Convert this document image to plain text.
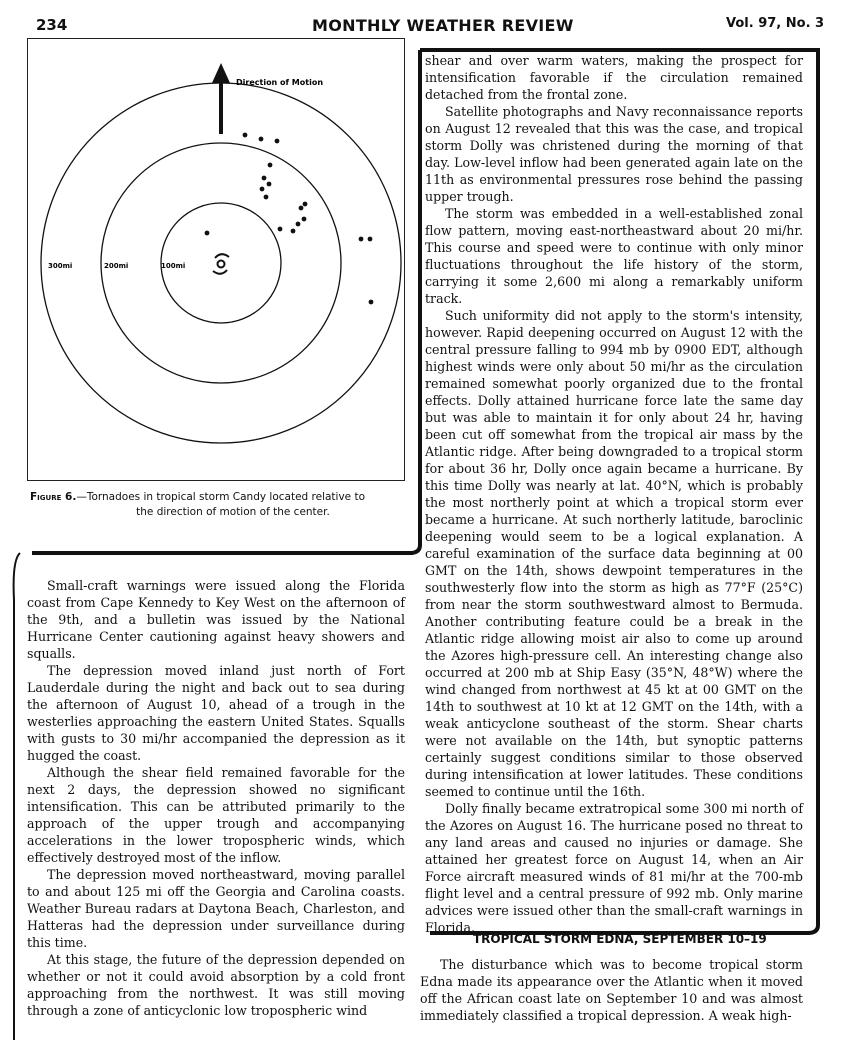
234	MONTHLY WEATHER REVIEW	Vol. 97, No. 3
Direction of Motion
300mi	200mi	100mi
Figure 6.—Tornadoes in tropical storm Candy located relative to
the direction of motion of the center.

Small-craft warnings were issued along the Florida coast from Cape Kennedy to Key West on the afternoon of the 9th, and a bulletin was issued by the National Hurricane Center cautioning against heavy showers and squalls.

The depression moved inland just north of Fort Lauderdale during the night and back out to sea during the afternoon of August 10, ahead of a trough in the westerlies approaching the eastern United States. Squalls with gusts to 30 mi/hr accompanied the depression as it hugged the coast.

Although the shear field remained favorable for the next 2 days, the depression showed no significant intensification. This can be attributed primarily to the approach of the upper trough and accompanying accelerations in the lower tropospheric winds, which effectively destroyed most of the inflow.

The depression moved northeastward, moving parallel to and about 125 mi off the Georgia and Carolina coasts. Weather Bureau radars at Daytona Beach, Charleston, and Hatteras had the depression under surveillance during this time.

At this stage, the future of the depression depended on whether or not it could avoid absorption by a cold front approaching from the northwest. It was still moving through a zone of anticyclonic low tropospheric wind

shear and over warm waters, making the prospect for intensification favorable if the circulation remained detached from the frontal zone.

Satellite photographs and Navy reconnaissance reports on August 12 revealed that this was the case, and tropical storm Dolly was christened during the morning of that day. Low-level inflow had been generated again late on the 11th as environmental pressures rose behind the passing upper trough.

The storm was embedded in a well-established zonal flow pattern, moving east-northeastward about 20 mi/hr. This course and speed were to continue with only minor fluctuations throughout the life history of the storm, carrying it some 2,600 mi along a remarkably uniform track.

Such uniformity did not apply to the storm's intensity, however. Rapid deepening occurred on August 12 with the central pressure falling to 994 mb by 0900 EDT, although highest winds were only about 50 mi/hr as the circulation remained somewhat poorly organized due to the frontal effects. Dolly attained hurricane force late the same day but was able to maintain it for only about 24 hr, having been cut off somewhat from the tropical air mass by the Atlantic ridge. After being downgraded to a tropical storm for about 36 hr, Dolly once again became a hurricane. By this time Dolly was nearly at lat. 40°N, which is probably the most northerly point at which a tropical storm ever became a hurricane. At such northerly latitude, baroclinic deepening would seem to be a logical explanation. A careful examination of the surface data beginning at 00 GMT on the 14th, shows dewpoint temperatures in the southwesterly flow into the storm as high as 77°F (25°C) from near the storm southwestward almost to Bermuda. Another contributing feature could be a break in the Atlantic ridge allowing moist air also to come up around the Azores high-pressure cell. An interesting change also occurred at 200 mb at Ship Easy (35°N, 48°W) where the wind changed from northwest at 45 kt at 00 GMT on the 14th to southwest at 10 kt at 12 GMT on the 14th, with a weak anticyclone southeast of the storm. Shear charts were not available on the 14th, but synoptic patterns certainly suggest conditions similar to those observed during intensification at lower latitudes. These conditions seemed to continue until the 16th.

Dolly finally became extratropical some 300 mi north of the Azores on August 16. The hurricane posed no threat to any land areas and caused no injuries or damage. She attained her greatest force on August 14, when an Air Force aircraft measured winds of 81 mi/hr at the 700-mb flight level and a central pressure of 992 mb. Only marine advices were issued other than the small-craft warnings in Florida.

TROPICAL STORM EDNA, SEPTEMBER 10–19

The disturbance which was to become tropical storm Edna made its appearance over the Atlantic when it moved off the African coast late on September 10 and was almost immediately classified a tropical depression. A weak high-
